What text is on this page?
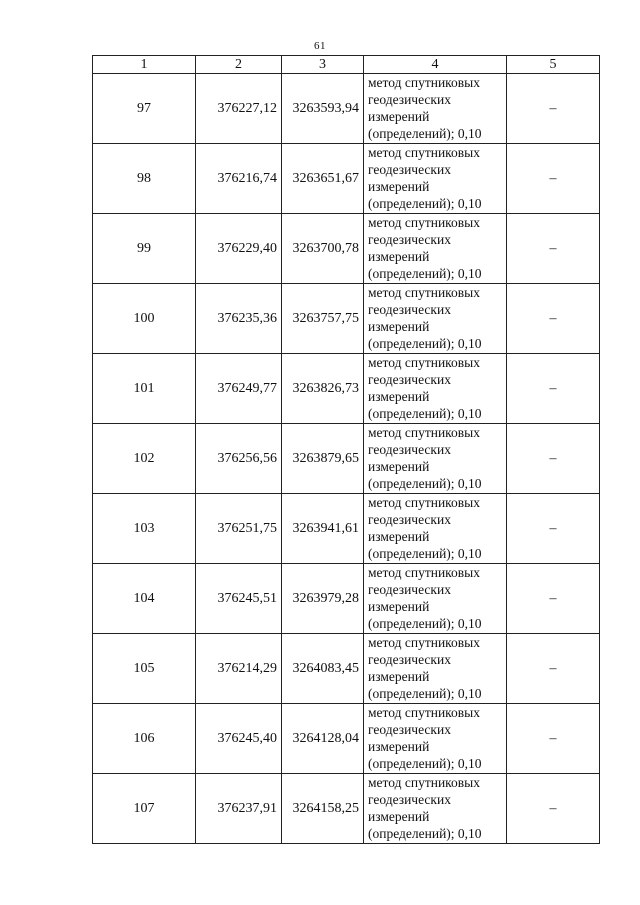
61
1	2	3	4	5
97	376227,12	3263593,94	метод спутниковых
геодезических
измерений
(определений); 0,10	–
98	376216,74	3263651,67	метод спутниковых
геодезических
измерений
(определений); 0,10	–
99	376229,40	3263700,78	метод спутниковых
геодезических
измерений
(определений); 0,10	–
100	376235,36	3263757,75	метод спутниковых
геодезических
измерений
(определений); 0,10	–
101	376249,77	3263826,73	метод спутниковых
геодезических
измерений
(определений); 0,10	–
102	376256,56	3263879,65	метод спутниковых
геодезических
измерений
(определений); 0,10	–
103	376251,75	3263941,61	метод спутниковых
геодезических
измерений
(определений); 0,10	–
104	376245,51	3263979,28	метод спутниковых
геодезических
измерений
(определений); 0,10	–
105	376214,29	3264083,45	метод спутниковых
геодезических
измерений
(определений); 0,10	–
106	376245,40	3264128,04	метод спутниковых
геодезических
измерений
(определений); 0,10	–
107	376237,91	3264158,25	метод спутниковых
геодезических
измерений
(определений); 0,10	–
